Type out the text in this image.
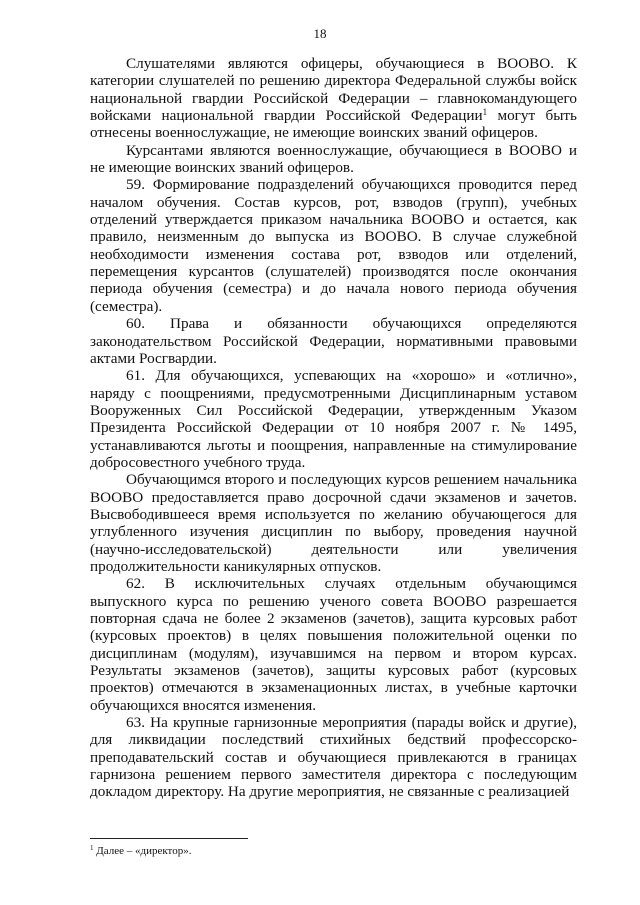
18

Слушателями являются офицеры, обучающиеся в ВООВО. К категории слушателей по решению директора Федеральной службы войск национальной гвардии Российской Федерации – главнокомандующего войсками национальной гвардии Российской Федерации$^1$ могут быть отнесены военнослужащие, не имеющие воинских званий офицеров.

Курсантами являются военнослужащие, обучающиеся в ВООВО и не имеющие воинских званий офицеров.

59. Формирование подразделений обучающихся проводится перед началом обучения. Состав курсов, рот, взводов (групп), учебных отделений утверждается приказом начальника ВООВО и остается, как правило, неизменным до выпуска из ВООВО. В случае служебной необходимости изменения состава рот, взводов или отделений, перемещения курсантов (слушателей) производятся после окончания периода обучения (семестра) и до начала нового периода обучения (семестра).

60. Права и обязанности обучающихся определяются законодательством Российской Федерации, нормативными правовыми актами Росгвардии.

61. Для обучающихся, успевающих на «хорошо» и «отлично», наряду с поощрениями, предусмотренными Дисциплинарным уставом Вооруженных Сил Российской Федерации, утвержденным Указом Президента Российской Федерации от 10 ноября 2007 г. № 1495, устанавливаются льготы и поощрения, направленные на стимулирование добросовестного учебного труда.

Обучающимся второго и последующих курсов решением начальника ВООВО предоставляется право досрочной сдачи экзаменов и зачетов. Высвободившееся время используется по желанию обучающегося для углубленного изучения дисциплин по выбору, проведения научной (научно-исследовательской) деятельности или увеличения продолжительности каникулярных отпусков.

62. В исключительных случаях отдельным обучающимся выпускного курса по решению ученого совета ВООВО разрешается повторная сдача не более 2 экзаменов (зачетов), защита курсовых работ (курсовых проектов) в целях повышения положительной оценки по дисциплинам (модулям), изучавшимся на первом и втором курсах. Результаты экзаменов (зачетов), защиты курсовых работ (курсовых проектов) отмечаются в экзаменационных листах, в учебные карточки обучающихся вносятся изменения.

63. На крупные гарнизонные мероприятия (парады войск и другие), для ликвидации последствий стихийных бедствий профессорско-преподавательский состав и обучающиеся привлекаются в границах гарнизона решением первого заместителя директора с последующим докладом директору. На другие мероприятия, не связанные с реализацией

$^1$ Далее – «директор».
